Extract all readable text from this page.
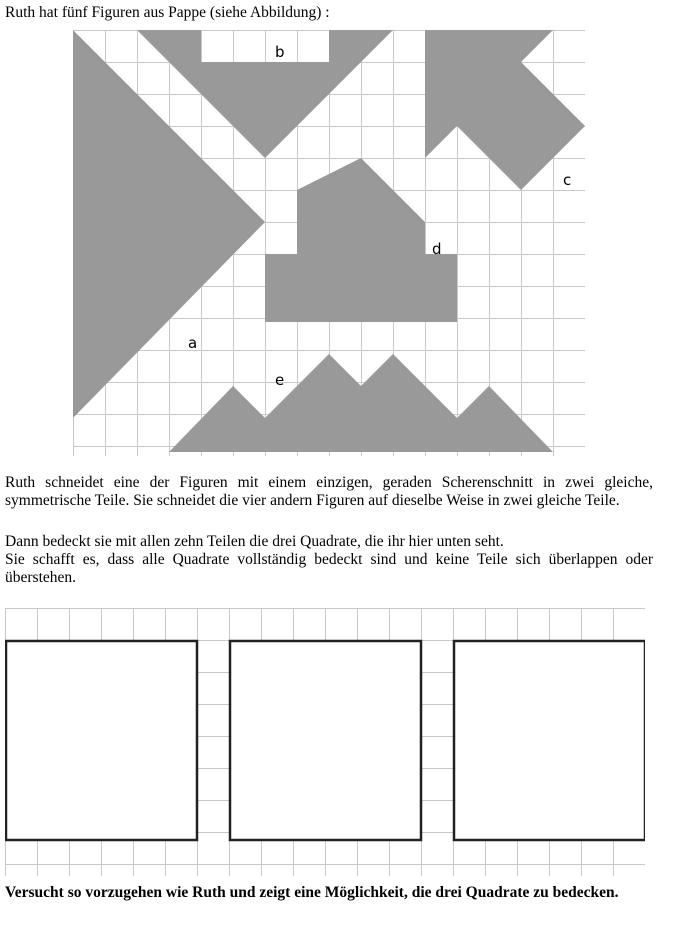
Ruth hat fünf Figuren aus Pappe (siehe Abbildung) :
a
b
c
d
e
Ruth schneidet eine der Figuren mit einem einzigen, geraden Scherenschnitt in zwei gleiche, symmetrische Teile. Sie schneidet die vier andern Figuren auf dieselbe Weise in zwei gleiche Teile.
Dann bedeckt sie mit allen zehn Teilen die drei Quadrate, die ihr hier unten seht.
Sie schafft es, dass alle Quadrate vollständig bedeckt sind und keine Teile sich überlappen oder überstehen.
Versucht so vorzugehen wie Ruth und zeigt eine Möglichkeit, die drei Quadrate zu bedecken.
